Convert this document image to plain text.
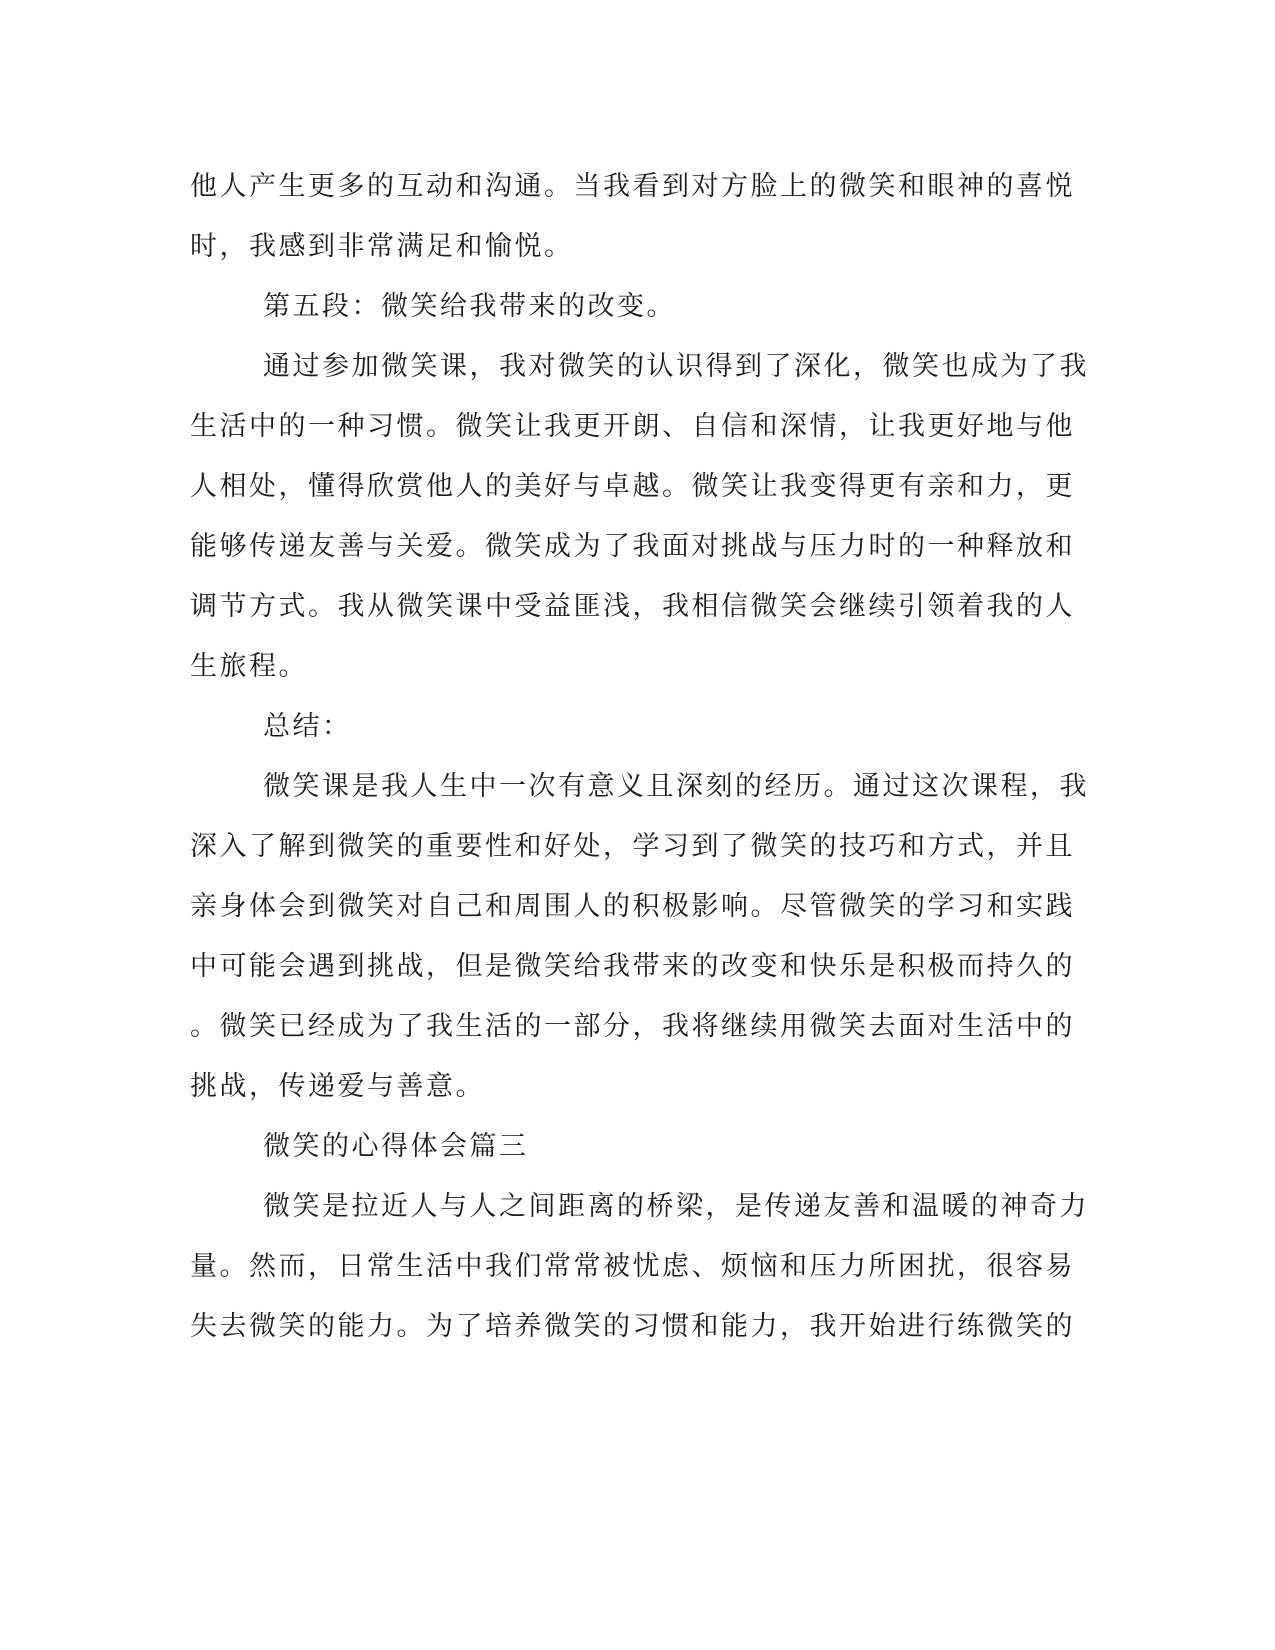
他人产生更多的互动和沟通。当我看到对方脸上的微笑和眼神的喜悦
时，我感到非常满足和愉悦。
第五段：微笑给我带来的改变。
通过参加微笑课，我对微笑的认识得到了深化，微笑也成为了我
生活中的一种习惯。微笑让我更开朗、自信和深情，让我更好地与他
人相处，懂得欣赏他人的美好与卓越。微笑让我变得更有亲和力，更
能够传递友善与关爱。微笑成为了我面对挑战与压力时的一种释放和
调节方式。我从微笑课中受益匪浅，我相信微笑会继续引领着我的人
生旅程。
总结：
微笑课是我人生中一次有意义且深刻的经历。通过这次课程，我
深入了解到微笑的重要性和好处，学习到了微笑的技巧和方式，并且
亲身体会到微笑对自己和周围人的积极影响。尽管微笑的学习和实践
中可能会遇到挑战，但是微笑给我带来的改变和快乐是积极而持久的
。微笑已经成为了我生活的一部分，我将继续用微笑去面对生活中的
挑战，传递爱与善意。
微笑的心得体会篇三
微笑是拉近人与人之间距离的桥梁，是传递友善和温暖的神奇力
量。然而，日常生活中我们常常被忧虑、烦恼和压力所困扰，很容易
失去微笑的能力。为了培养微笑的习惯和能力，我开始进行练微笑的
